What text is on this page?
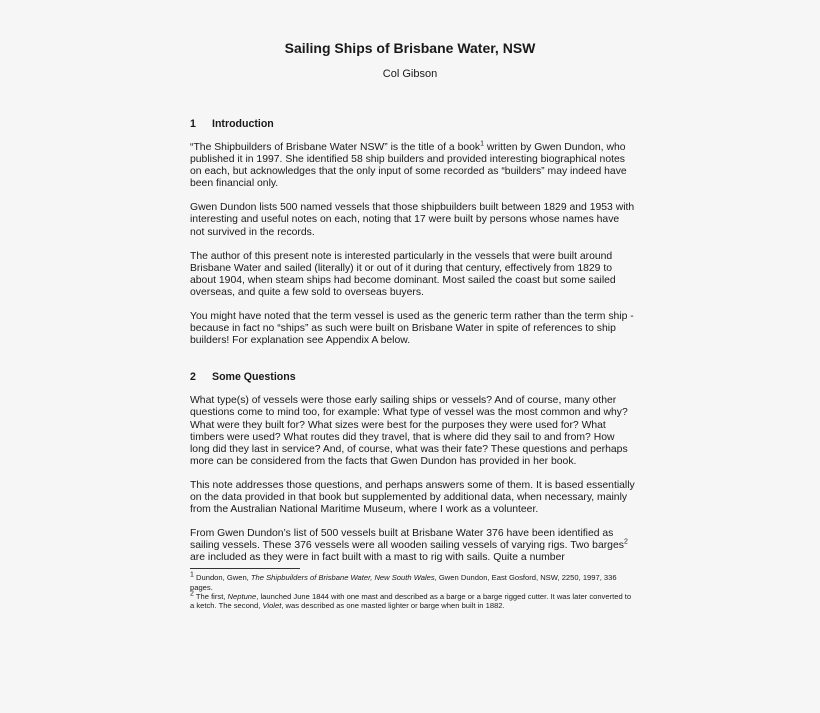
Sailing Ships of Brisbane Water, NSW
Col Gibson
1 Introduction

“The Shipbuilders of Brisbane Water NSW” is the title of a book$^1$ written by Gwen Dundon, who published it in 1997. She identified 58 ship builders and provided interesting biographical notes on each, but acknowledges that the only input of some recorded as “builders” may indeed have been financial only.

Gwen Dundon lists 500 named vessels that those shipbuilders built between 1829 and 1953 with interesting and useful notes on each, noting that 17 were built by persons whose names have not survived in the records.

The author of this present note is interested particularly in the vessels that were built around Brisbane Water and sailed (literally) it or out of it during that century, effectively from 1829 to about 1904, when steam ships had become dominant. Most sailed the coast but some sailed overseas, and quite a few sold to overseas buyers.

You might have noted that the term vessel is used as the generic term rather than the term ship - because in fact no “ships” as such were built on Brisbane Water in spite of references to ship builders! For explanation see Appendix A below.

2 Some Questions

What type(s) of vessels were those early sailing ships or vessels? And of course, many other questions come to mind too, for example: What type of vessel was the most common and why? What were they built for? What sizes were best for the purposes they were used for? What timbers were used? What routes did they travel, that is where did they sail to and from? How long did they last in service? And, of course, what was their fate? These questions and perhaps more can be considered from the facts that Gwen Dundon has provided in her book.

This note addresses those questions, and perhaps answers some of them. It is based essentially on the data provided in that book but supplemented by additional data, when necessary, mainly from the Australian National Maritime Museum, where I work as a volunteer.

From Gwen Dundon’s list of 500 vessels built at Brisbane Water 376 have been identified as sailing vessels. These 376 vessels were all wooden sailing vessels of varying rigs. Two barges$^2$ are included as they were in fact built with a mast to rig with sails. Quite a number

$^1$ Dundon, Gwen, The Shipbuilders of Brisbane Water, New South Wales, Gwen Dundon, East Gosford, NSW, 2250, 1997, 336 pages.

$^2$ The first, Neptune, launched June 1844 with one mast and described as a barge or a barge rigged cutter. It was later converted to a ketch. The second, Violet, was described as one masted lighter or barge when built in 1882.
